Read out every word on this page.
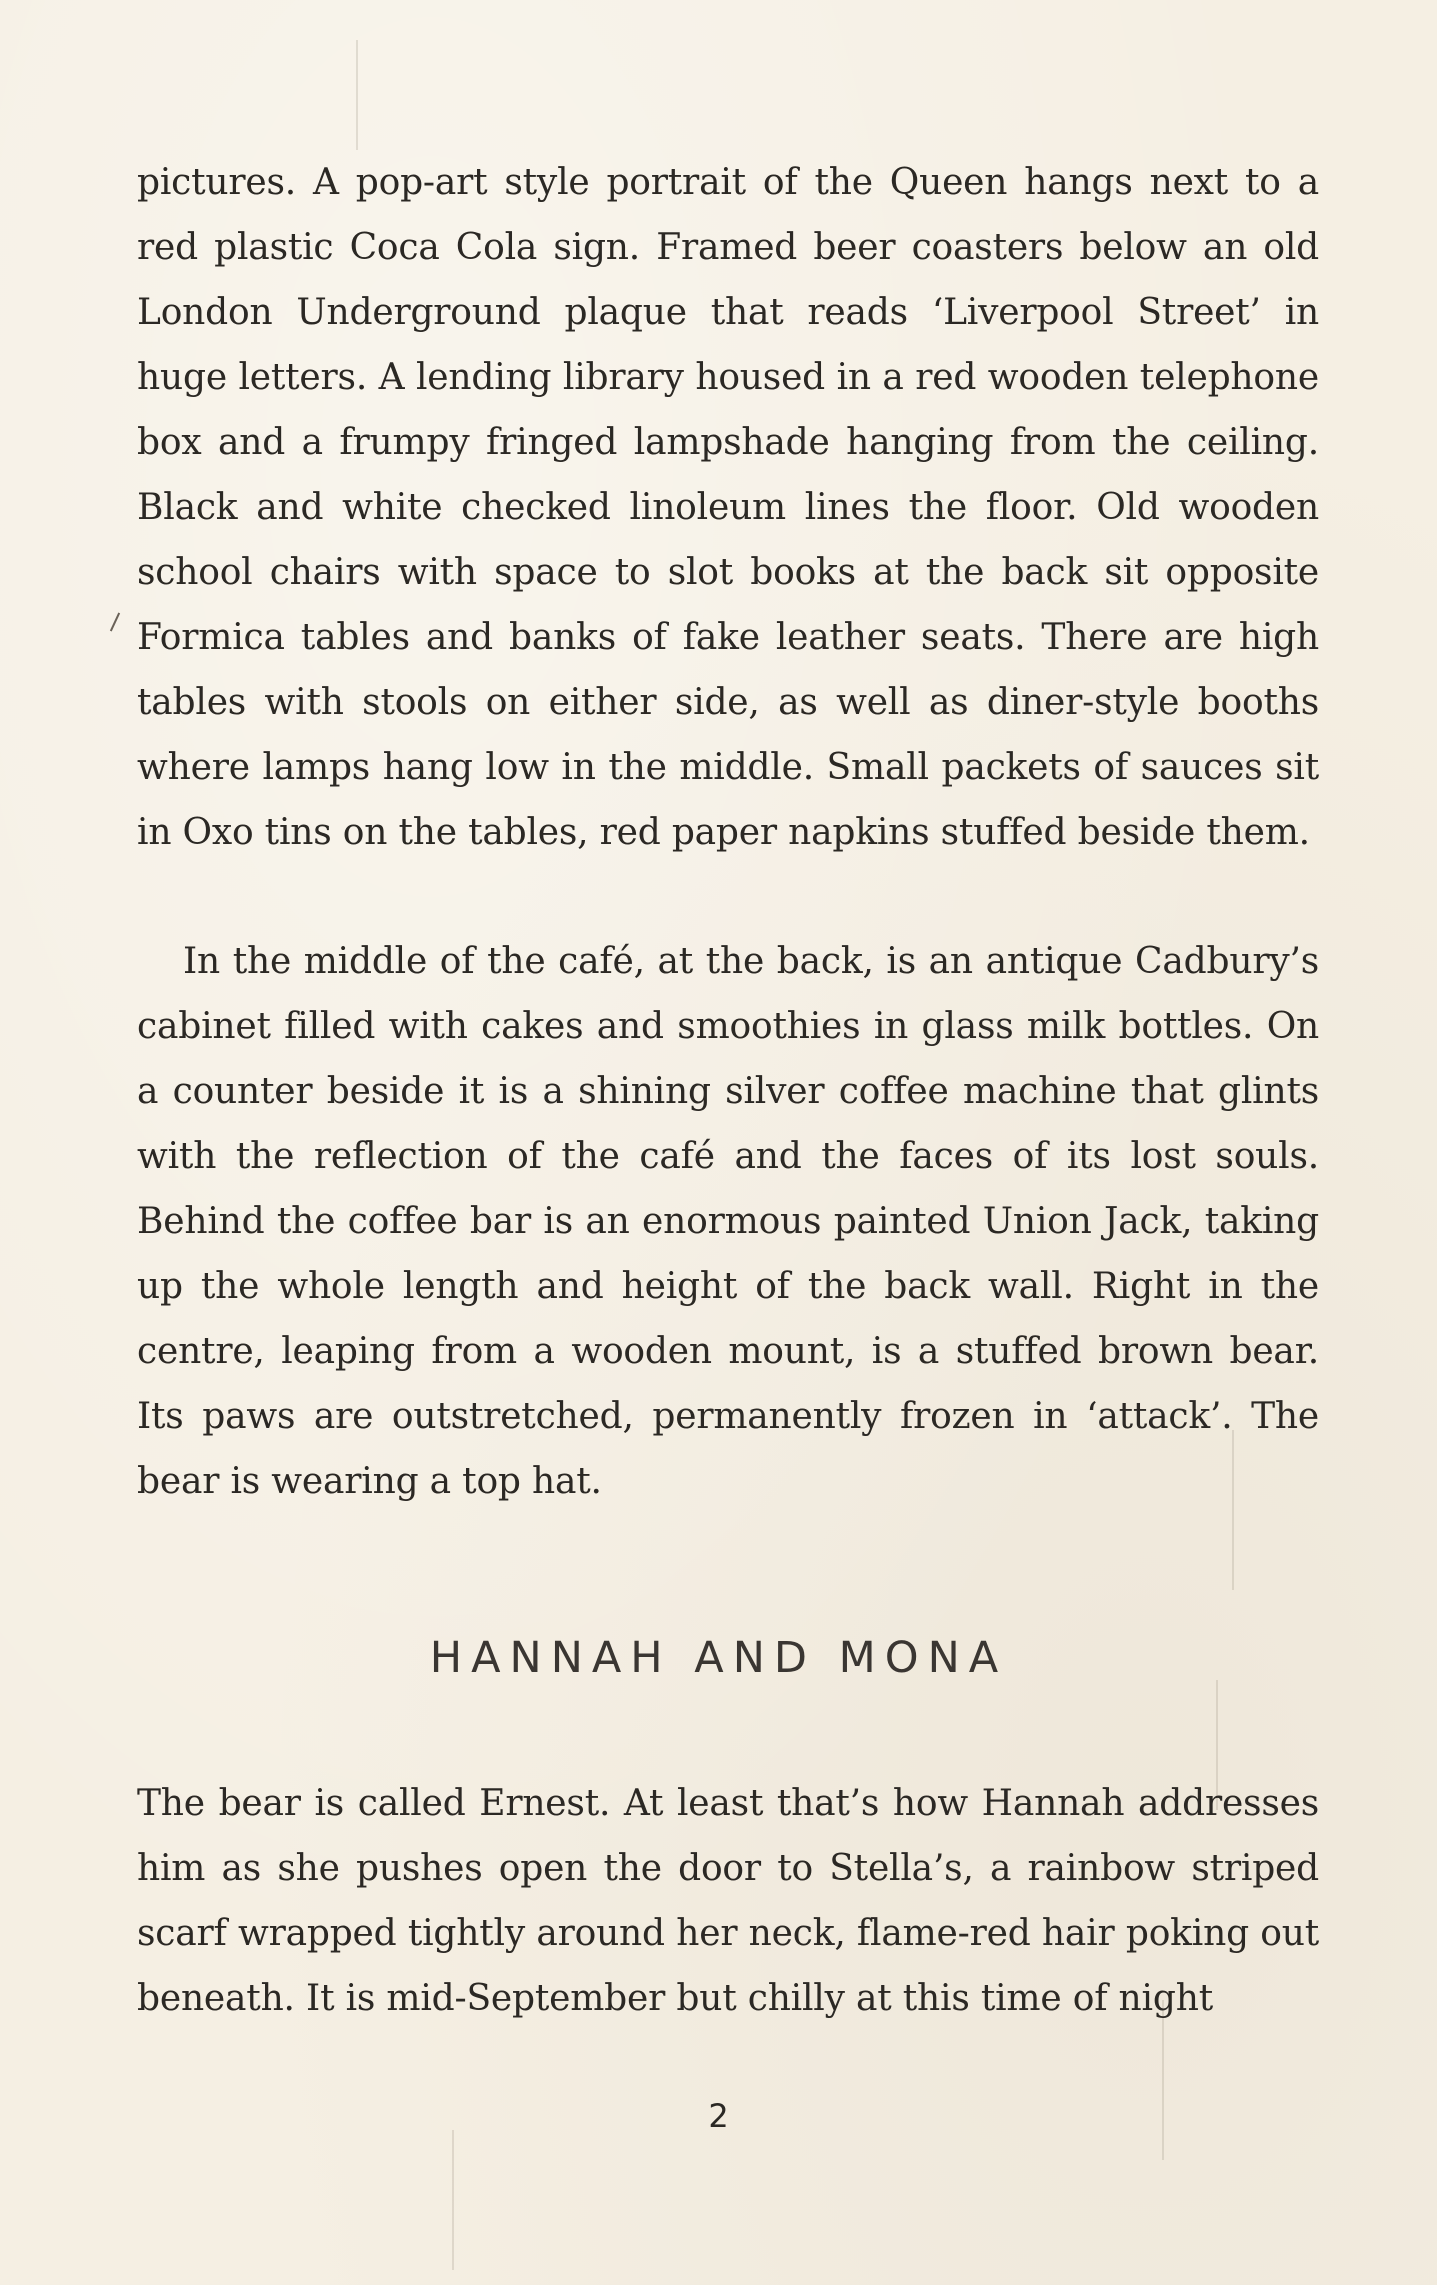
pictures. A pop-art style portrait of the Queen hangs next to a red plastic Coca Cola sign. Framed beer coasters below an old London Underground plaque that reads ‘Liverpool Street’ in huge letters. A lending library housed in a red wooden telephone box and a frumpy fringed lampshade hanging from the ceiling. Black and white checked linoleum lines the floor. Old wooden school chairs with space to slot books at the back sit opposite Formica tables and banks of fake leather seats. There are high tables with stools on either side, as well as diner-style booths where lamps hang low in the middle. Small packets of sauces sit in Oxo tins on the tables, red paper napkins stuffed beside them.

In the middle of the café, at the back, is an antique Cadbury’s cabinet filled with cakes and smoothies in glass milk bottles. On a counter beside it is a shining silver coffee machine that glints with the reflection of the café and the faces of its lost souls. Behind the coffee bar is an enormous painted Union Jack, taking up the whole length and height of the back wall. Right in the centre, leaping from a wooden mount, is a stuffed brown bear. Its paws are outstretched, permanently frozen in ‘attack’. The bear is wearing a top hat.

HANNAH AND MONA

The bear is called Ernest. At least that’s how Hannah addresses him as she pushes open the door to Stella’s, a rainbow striped scarf wrapped tightly around her neck, flame-red hair poking out beneath. It is mid-September but chilly at this time of night

2
